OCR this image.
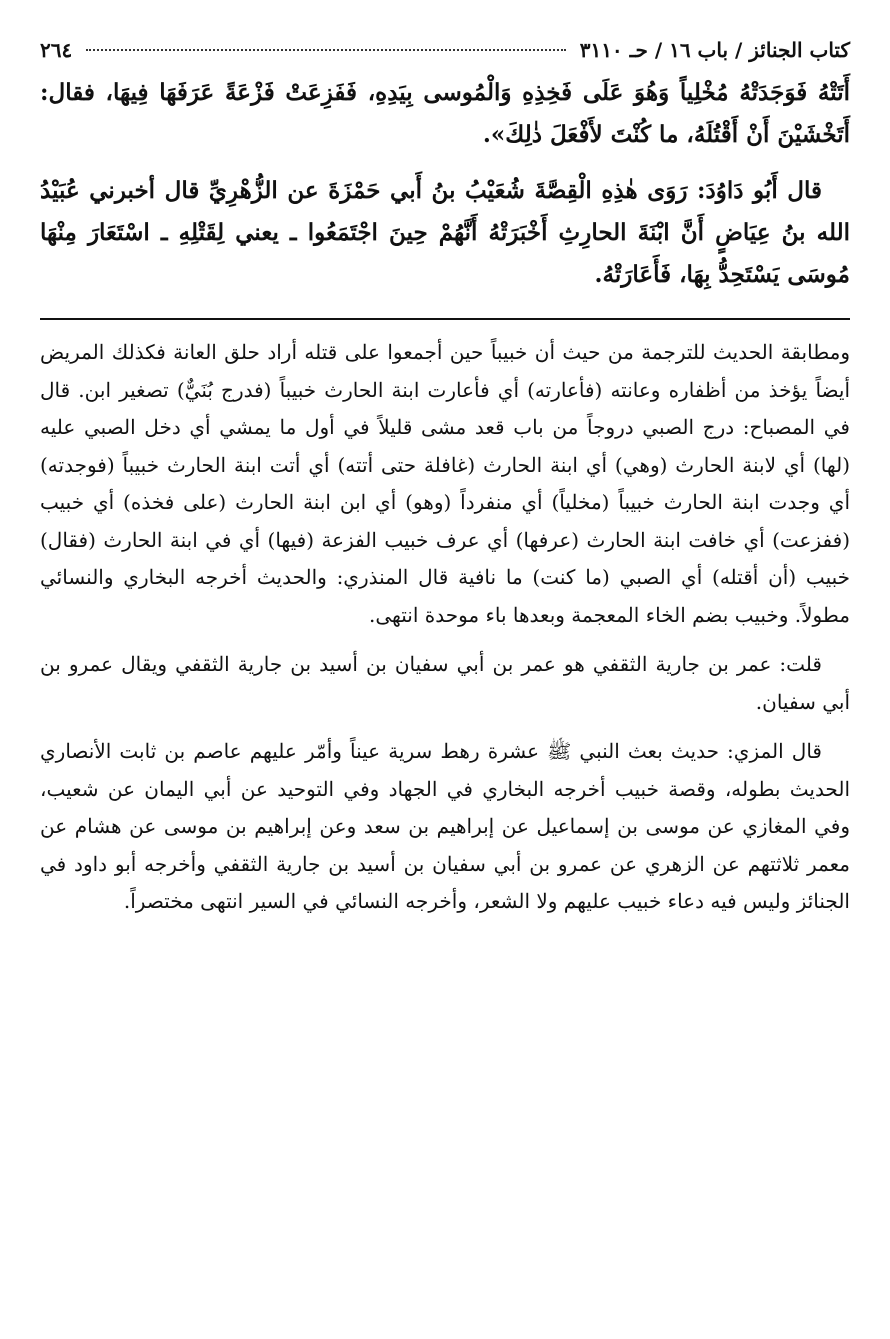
كتاب الجنائز / باب ١٦ / حـ ٣١١٠
٢٦٤

أَتَتْهُ فَوَجَدَتْهُ مُخْلِياً وَهُوَ عَلَى فَخِذِهِ وَالْمُوسى بِيَدِهِ، فَفَزِعَتْ فَزْعَةً عَرَفَهَا فِيهَا، فقال: أَتَخْشَيْنَ أَنْ أَقْتُلَهُ، ما كُنْتَ لأَفْعَلَ ذٰلِكَ».

قال أَبُو دَاوُدَ: رَوَى هٰذِهِ الْقِصَّةَ شُعَيْبُ بنُ أَبي حَمْزَةَ عن الزُّهْرِيِّ قال أخبرني عُبَيْدُ الله بنُ عِيَاضٍ أَنَّ ابْنَةَ الحارِثِ أَخْبَرَتْهُ أَنَّهُمْ حِينَ اجْتَمَعُوا ـ يعني لِقَتْلِهِ ـ اسْتَعَارَ مِنْهَا مُوسَى يَسْتَحِدُّ بِهَا، فَأَعَارَتْهُ.

ومطابقة الحديث للترجمة من حيث أن خبيباً حين أجمعوا على قتله أراد حلق العانة فكذلك المريض أيضاً يؤخذ من أظفاره وعانته (فأعارته) أي فأعارت ابنة الحارث خبيباً (فدرج بُنَيٌّ) تصغير ابن. قال في المصباح: درج الصبي دروجاً من باب قعد مشى قليلاً في أول ما يمشي أي دخل الصبي عليه (لها) أي لابنة الحارث (وهي) أي ابنة الحارث (غافلة حتى أتته) أي أتت ابنة الحارث خبيباً (فوجدته) أي وجدت ابنة الحارث خبيباً (مخلياً) أي منفرداً (وهو) أي ابن ابنة الحارث (على فخذه) أي خبيب (ففزعت) أي خافت ابنة الحارث (عرفها) أي عرف خبيب الفزعة (فيها) أي في ابنة الحارث (فقال) خبيب (أن أقتله) أي الصبي (ما كنت) ما نافية قال المنذري: والحديث أخرجه البخاري والنسائي مطولاً. وخبيب بضم الخاء المعجمة وبعدها باء موحدة انتهى.

قلت: عمر بن جارية الثقفي هو عمر بن أبي سفيان بن أسيد بن جارية الثقفي ويقال عمرو بن أبي سفيان.

قال المزي: حديث بعث النبي ﷺ عشرة رهط سرية عيناً وأمّر عليهم عاصم بن ثابت الأنصاري الحديث بطوله، وقصة خبيب أخرجه البخاري في الجهاد وفي التوحيد عن أبي اليمان عن شعيب، وفي المغازي عن موسى بن إسماعيل عن إبراهيم بن سعد وعن إبراهيم بن موسى عن هشام عن معمر ثلاثتهم عن الزهري عن عمرو بن أبي سفيان بن أسيد بن جارية الثقفي وأخرجه أبو داود في الجنائز وليس فيه دعاء خبيب عليهم ولا الشعر، وأخرجه النسائي في السير انتهى مختصراً.
